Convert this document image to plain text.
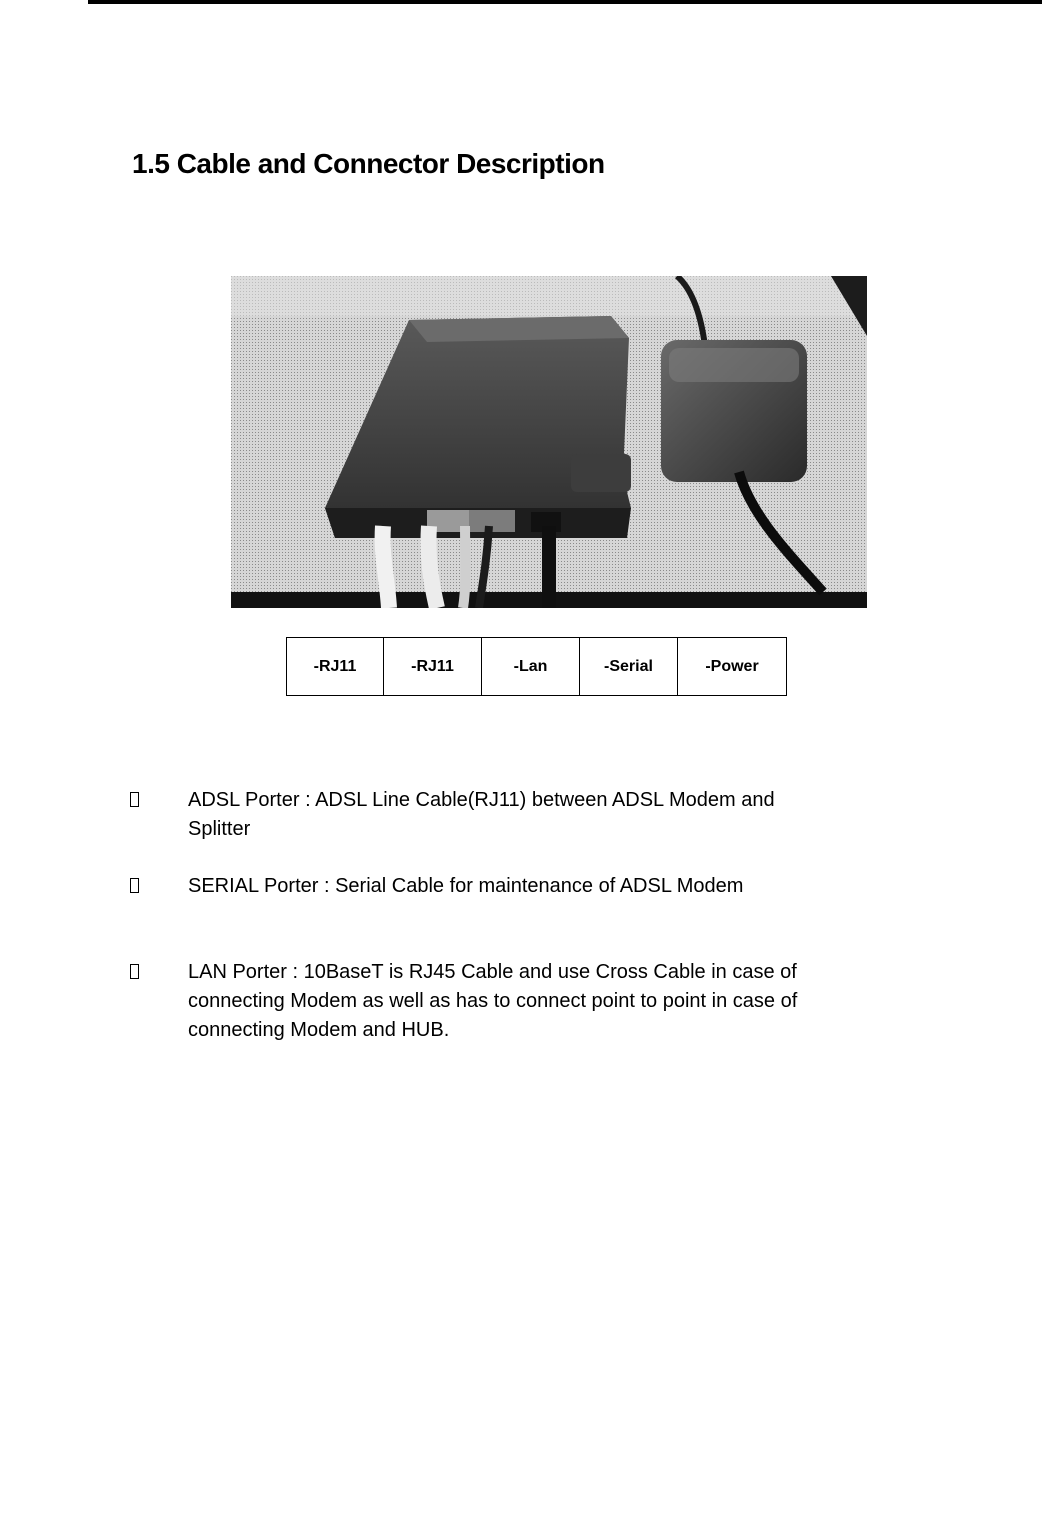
1.5 Cable and Connector Description
-RJ11	-RJ11	-Lan	-Serial	-Power
ADSL Porter : ADSL Line Cable(RJ11) between ADSL Modem and
Splitter
SERIAL Porter : Serial Cable for maintenance of ADSL Modem
LAN Porter : 10BaseT is RJ45 Cable and use Cross Cable in case of
connecting Modem as well as has to connect point to point in case of
connecting Modem and HUB.
